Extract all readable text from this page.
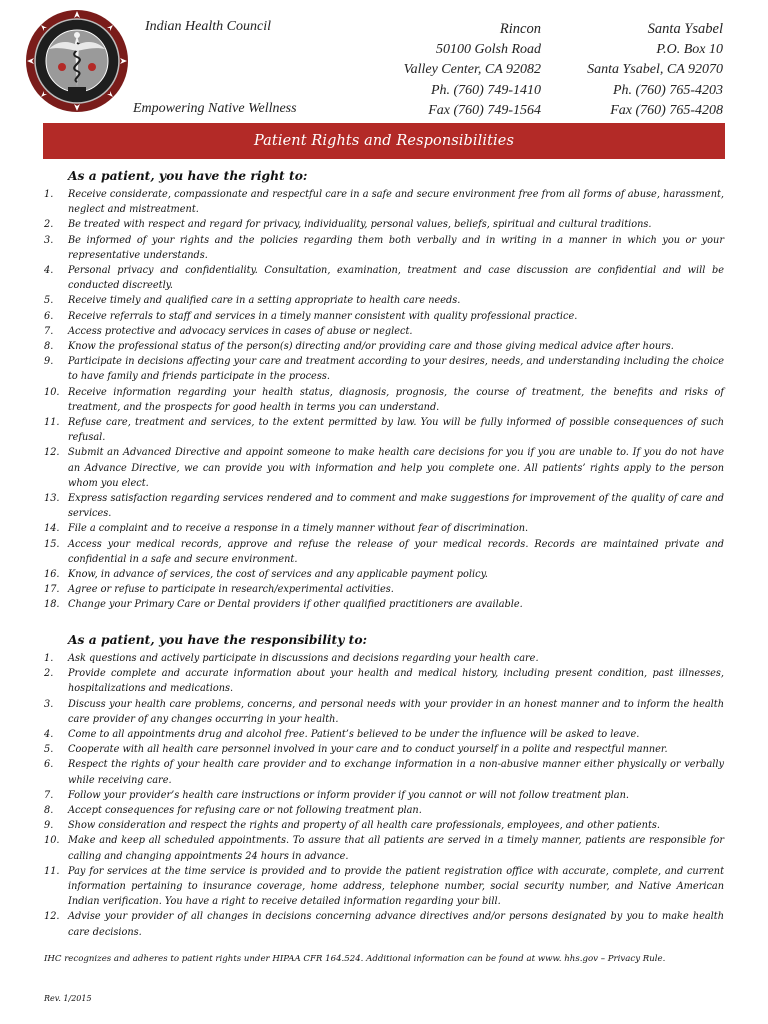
Indian Health Council
Empowering Native Wellness
Rincon
50100 Golsh Road
Valley Center, CA 92082
Ph. (760) 749-1410
Fax (760) 749-1564
Santa Ysabel
P.O. Box 10
Santa Ysabel, CA 92070
Ph. (760) 765-4203
Fax (760) 765-4208
Patient Rights and Responsibilities
As a patient, you have the right to:
1.	Receive considerate, compassionate and respectful care in a safe and secure environment free from all forms of abuse, harassment, neglect and mistreatment.
2.	Be treated with respect and regard for privacy, individuality, personal values, beliefs, spiritual and cultural traditions.
3.	Be informed of your rights and the policies regarding them both verbally and in writing in a manner in which you or your representative understands.
4.	Personal privacy and confidentiality. Consultation, examination, treatment and case discussion are confidential and will be conducted discreetly.
5.	Receive timely and qualified care in a setting appropriate to health care needs.
6.	Receive referrals to staff and services in a timely manner consistent with quality professional practice.
7.	Access protective and advocacy services in cases of abuse or neglect.
8.	Know the professional status of the person(s) directing and/or providing care and those giving medical advice after hours.
9.	Participate in decisions affecting your care and treatment according to your desires, needs, and understanding including the choice to have family and friends participate in the process.
10. Receive information regarding your health status, diagnosis, prognosis, the course of treatment, the benefits and risks of treatment, and the prospects for good health in terms you can understand.
11. Refuse care, treatment and services, to the extent permitted by law. You will be fully informed of possible consequences of such refusal.
12. Submit an Advanced Directive and appoint someone to make health care decisions for you if you are unable to. If you do not have an Advance Directive, we can provide you with information and help you complete one. All patients’ rights apply to the person whom you elect.
13. Express satisfaction regarding services rendered and to comment and make suggestions for improvement of the quality of care and services.
14. File a complaint and to receive a response in a timely manner without fear of discrimination.
15. Access your medical records, approve and refuse the release of your medical records. Records are maintained private and confidential in a safe and secure environment.
16. Know, in advance of services, the cost of services and any applicable payment policy.
17. Agree or refuse to participate in research/experimental activities.
18. Change your Primary Care or Dental providers if other qualified practitioners are available.
As a patient, you have the responsibility to:
1.	Ask questions and actively participate in discussions and decisions regarding your health care.
2.	Provide complete and accurate information about your health and medical history, including present condition, past illnesses, hospitalizations and medications.
3.	Discuss your health care problems, concerns, and personal needs with your provider in an honest manner and to inform the health care provider of any changes occurring in your health.
4.	Come to all appointments drug and alcohol free. Patient’s believed to be under the influence will be asked to leave.
5.	Cooperate with all health care personnel involved in your care and to conduct yourself in a polite and respectful manner.
6.	Respect the rights of your health care provider and to exchange information in a non-abusive manner either physically or verbally while receiving care.
7.	Follow your provider’s health care instructions or inform provider if you cannot or will not follow treatment plan.
8.	Accept consequences for refusing care or not following treatment plan.
9.	Show consideration and respect the rights and property of all health care professionals, employees, and other patients.
10. Make and keep all scheduled appointments. To assure that all patients are served in a timely manner, patients are responsible for calling and changing appointments 24 hours in advance.
11. Pay for services at the time service is provided and to provide the patient registration office with accurate, complete, and current information pertaining to insurance coverage, home address, telephone number, social security number, and Native American Indian verification. You have a right to receive detailed information regarding your bill.
12. Advise your provider of all changes in decisions concerning advance directives and/or persons designated by you to make health care decisions.
IHC recognizes and adheres to patient rights under HIPAA CFR 164.524. Additional information can be found at www. hhs.gov – Privacy Rule.
Rev. 1/2015
